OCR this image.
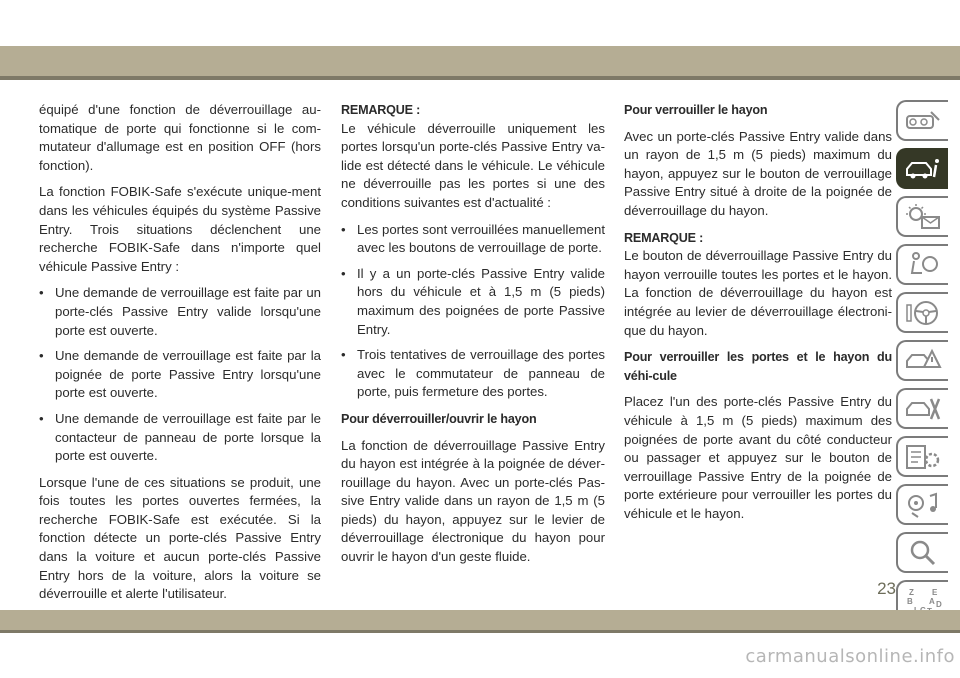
équipé d'une fonction de déverrouillage au-tomatique de porte qui fonctionne si le com-mutateur d'allumage est en position OFF (hors fonction).

La fonction FOBIK-Safe s'exécute unique-ment dans les véhicules équipés du système Passive Entry. Trois situations déclenchent une recherche FOBIK-Safe dans n'importe quel véhicule Passive Entry :

• Une demande de verrouillage est faite par un porte-clés Passive Entry valide lorsqu'une porte est ouverte.
• Une demande de verrouillage est faite par la poignée de porte Passive Entry lorsqu'une porte est ouverte.
• Une demande de verrouillage est faite par le contacteur de panneau de porte lorsque la porte est ouverte.

Lorsque l'une de ces situations se produit, une fois toutes les portes ouvertes fermées, la recherche FOBIK-Safe est exécutée. Si la fonction détecte un porte-clés Passive Entry dans la voiture et aucun porte-clés Passive Entry hors de la voiture, alors la voiture se déverrouille et alerte l'utilisateur.

REMARQUE :

Le véhicule déverrouille uniquement les portes lorsqu'un porte-clés Passive Entry va-lide est détecté dans le véhicule. Le véhicule ne déverrouille pas les portes si une des conditions suivantes est d'actualité :

• Les portes sont verrouillées manuellement avec les boutons de verrouillage de porte.
• Il y a un porte-clés Passive Entry valide hors du véhicule et à 1,5 m (5 pieds) maximum des poignées de porte Passive Entry.
• Trois tentatives de verrouillage des portes avec le commutateur de panneau de porte, puis fermeture des portes.
Pour déverrouiller/ouvrir le hayon

La fonction de déverrouillage Passive Entry du hayon est intégrée à la poignée de déver-rouillage du hayon. Avec un porte-clés Pas-sive Entry valide dans un rayon de 1,5 m (5 pieds) du hayon, appuyez sur le levier de déverrouillage électronique du hayon pour ouvrir le hayon d'un geste fluide.

Pour verrouiller le hayon

Avec un porte-clés Passive Entry valide dans un rayon de 1,5 m (5 pieds) maximum du hayon, appuyez sur le bouton de verrouillage Passive Entry situé à droite de la poignée de déverrouillage du hayon.

REMARQUE :

Le bouton de déverrouillage Passive Entry du hayon verrouille toutes les portes et le hayon. La fonction de déverrouillage du hayon est intégrée au levier de déverrouillage électroni-que du hayon.

Pour verrouiller les portes et le hayon du véhi-cule

Placez l'un des porte-clés Passive Entry du véhicule à 1,5 m (5 pieds) maximum des poignées de porte avant du côté conducteur ou passager et appuyez sur le bouton de verrouillage Passive Entry de la poignée de porte extérieure pour verrouiller les portes du véhicule et le hayon.

Z E
B A D
23
carmanualsonline.info
